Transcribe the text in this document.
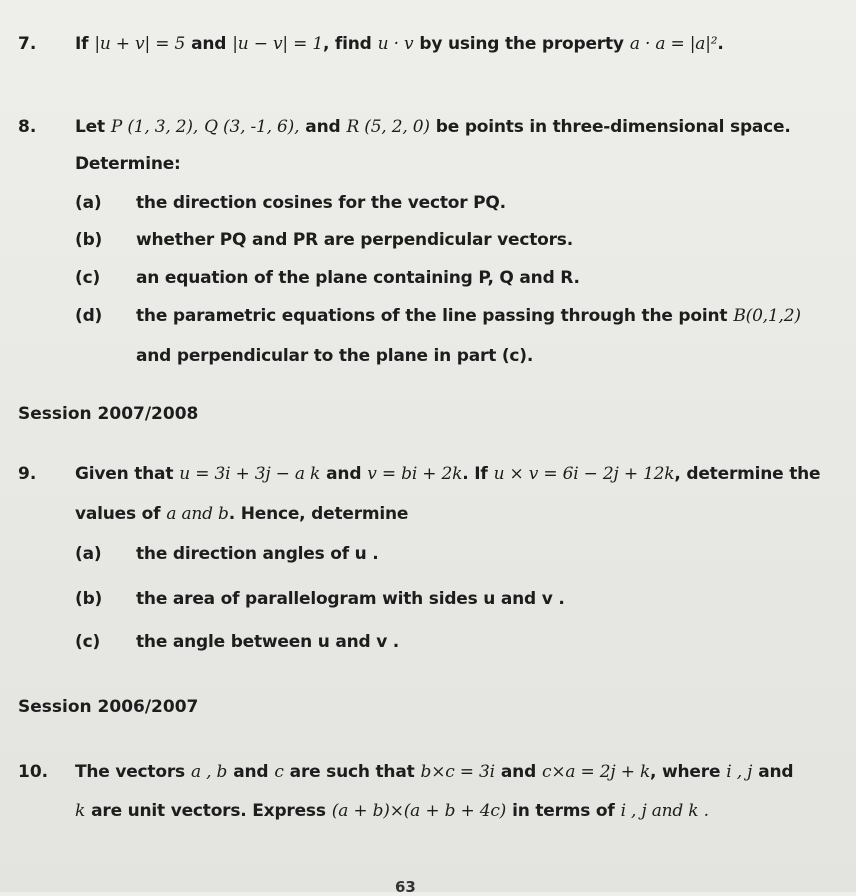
7. If |u + v| = 5 and |u − v| = 1, find u · v by using the property a · a = |a|².
8. Let P (1, 3, 2), Q (3, -1, 6), and R (5, 2, 0) be points in three-dimensional space.
Determine:
(a) the direction cosines for the vector PQ.
(b) whether PQ and PR are perpendicular vectors.
(c) an equation of the plane containing P, Q and R.
(d) the parametric equations of the line passing through the point B(0,1,2)
and perpendicular to the plane in part (c).
Session 2007/2008
9. Given that u = 3i + 3j − a k and v = bi + 2k. If u × v = 6i − 2j + 12k, determine the
values of a and b. Hence, determine
(a) the direction angles of u .
(b) the area of parallelogram with sides u and v .
(c) the angle between u and v .
Session 2006/2007
10. The vectors a , b and c are such that b×c = 3i and c×a = 2j + k, where i , j and
k are unit vectors. Express (a + b)×(a + b + 4c) in terms of i , j and k .
63
